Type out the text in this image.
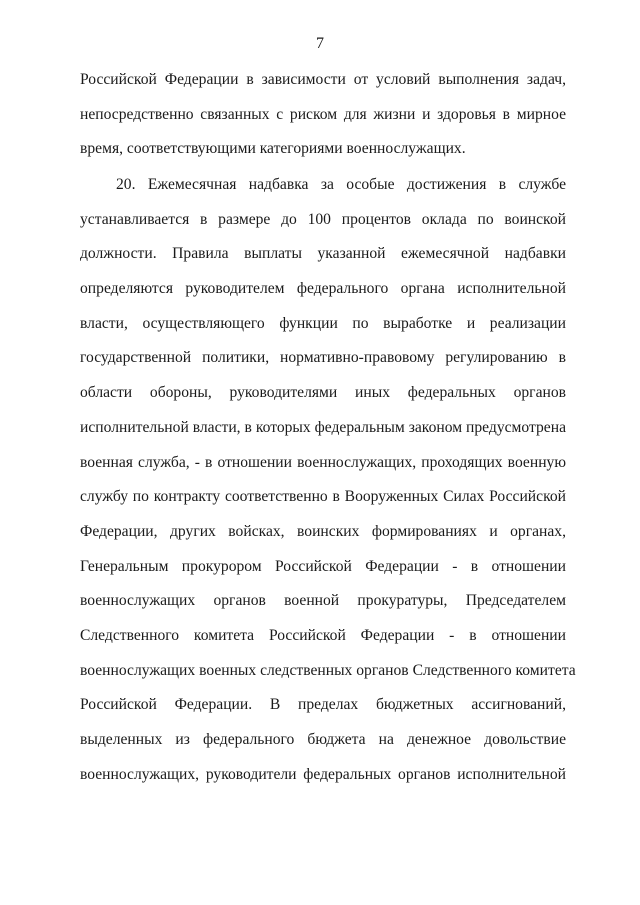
7
Российской Федерации в зависимости от условий выполнения задач,
непосредственно связанных с риском для жизни и здоровья в мирное
время, соответствующими категориями военнослужащих.
20. Ежемесячная надбавка за особые достижения в службе
устанавливается в размере до 100 процентов оклада по воинской
должности. Правила выплаты указанной ежемесячной надбавки
определяются руководителем федерального органа исполнительной
власти, осуществляющего функции по выработке и реализации
государственной политики, нормативно-правовому регулированию в
области обороны, руководителями иных федеральных органов
исполнительной власти, в которых федеральным законом предусмотрена
военная служба, - в отношении военнослужащих, проходящих военную
службу по контракту соответственно в Вооруженных Силах Российской
Федерации, других войсках, воинских формированиях и органах,
Генеральным прокурором Российской Федерации - в отношении
военнослужащих органов военной прокуратуры, Председателем
Следственного комитета Российской Федерации - в отношении
военнослужащих военных следственных органов Следственного комитета
Российской Федерации. В пределах бюджетных ассигнований,
выделенных из федерального бюджета на денежное довольствие
военнослужащих, руководители федеральных органов исполнительной
